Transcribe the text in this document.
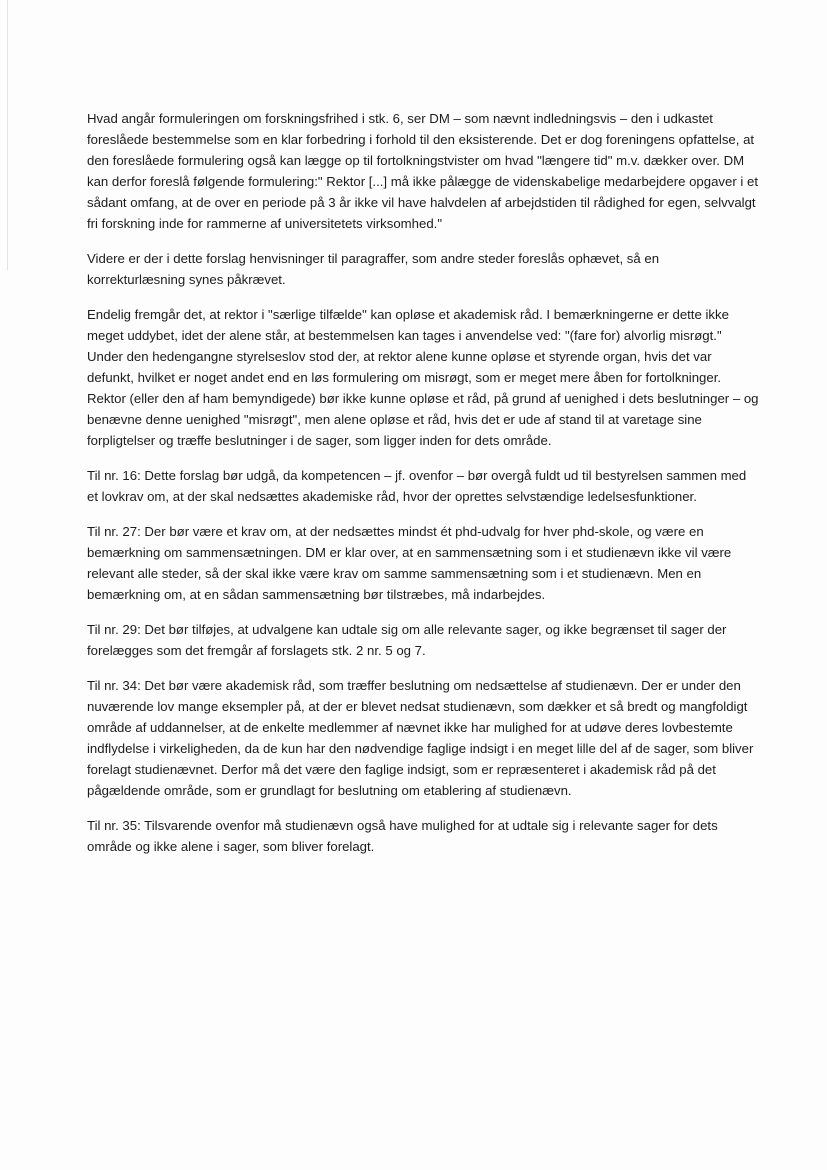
Hvad angår formuleringen om forskningsfrihed i stk. 6, ser DM – som nævnt indledningsvis – den i udkastet foreslåede bestemmelse som en klar forbedring i forhold til den eksisterende. Det er dog foreningens opfattelse, at den foreslåede formulering også kan lægge op til fortolkningstvister om hvad "længere tid" m.v. dækker over. DM kan derfor foreslå følgende formulering:" Rektor [...] må ikke pålægge de videnskabelige medarbejdere opgaver i et sådant omfang, at de over en periode på 3 år ikke vil have halvdelen af arbejdstiden til rådighed for egen, selvvalgt fri forskning inde for rammerne af universitetets virksomhed."

Videre er der i dette forslag henvisninger til paragraffer, som andre steder foreslås ophævet, så en korrekturlæsning synes påkrævet.

Endelig fremgår det, at rektor i "særlige tilfælde" kan opløse et akademisk råd. I bemærkningerne er dette ikke meget uddybet, idet der alene står, at bestemmelsen kan tages i anvendelse ved: "(fare for) alvorlig misrøgt." Under den hedengangne styrelseslov stod der, at rektor alene kunne opløse et styrende organ, hvis det var defunkt, hvilket er noget andet end en løs formulering om misrøgt, som er meget mere åben for fortolkninger. Rektor (eller den af ham bemyndigede) bør ikke kunne opløse et råd, på grund af uenighed i dets beslutninger – og benævne denne uenighed "misrøgt", men alene opløse et råd, hvis det er ude af stand til at varetage sine forpligtelser og træffe beslutninger i de sager, som ligger inden for dets område.

Til nr. 16: Dette forslag bør udgå, da kompetencen – jf. ovenfor – bør overgå fuldt ud til bestyrelsen sammen med et lovkrav om, at der skal nedsættes akademiske råd, hvor der oprettes selvstændige ledelsesfunktioner.

Til nr. 27: Der bør være et krav om, at der nedsættes mindst ét phd-udvalg for hver phd-skole, og være en bemærkning om sammensætningen. DM er klar over, at en sammensætning som i et studienævn ikke vil være relevant alle steder, så der skal ikke være krav om samme sammensætning som i et studienævn. Men en bemærkning om, at en sådan sammensætning bør tilstræbes, må indarbejdes.

Til nr. 29: Det bør tilføjes, at udvalgene kan udtale sig om alle relevante sager, og ikke begrænset til sager der forelægges som det fremgår af forslagets stk. 2 nr. 5 og 7.

Til nr. 34: Det bør være akademisk råd, som træffer beslutning om nedsættelse af studienævn. Der er under den nuværende lov mange eksempler på, at der er blevet nedsat studienævn, som dækker et så bredt og mangfoldigt område af uddannelser, at de enkelte medlemmer af nævnet ikke har mulighed for at udøve deres lovbestemte indflydelse i virkeligheden, da de kun har den nødvendige faglige indsigt i en meget lille del af de sager, som bliver forelagt studienævnet. Derfor må det være den faglige indsigt, som er repræsenteret i akademisk råd på det pågældende område, som er grundlagt for beslutning om etablering af studienævn.

Til nr. 35: Tilsvarende ovenfor må studienævn også have mulighed for at udtale sig i relevante sager for dets område og ikke alene i sager, som bliver forelagt.
